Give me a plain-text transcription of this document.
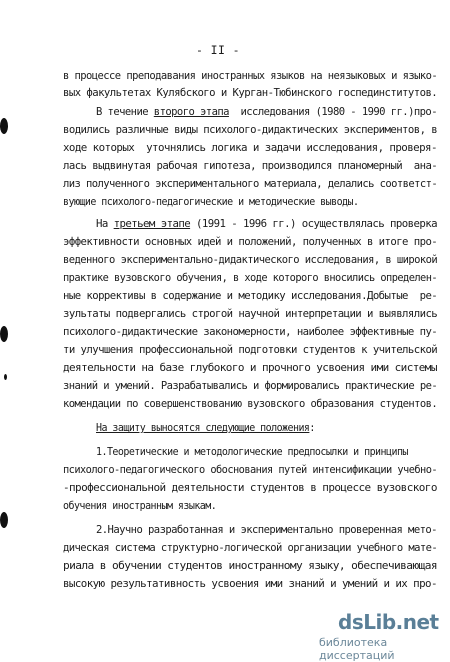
- II -
в процессе преподавания иностранных языков на неязыковых и языко-
вых факультетах Кулябского и Курган-Тюбинского госпединститутов.
В течение второго этапа  исследования (1980 - 1990 гг.)про-
водились различные виды психолого-дидактических экспериментов, в
ходе которых  уточнялись логика и задачи исследования, проверя-
лась выдвинутая рабочая гипотеза, производился планомерный  ана-
лиз полученного экспериментального материала, делались соответст-
вующие психолого-педагогические и методические выводы.
На третьем этапе (1991 - 1996 гг.) осуществлялась проверка
эффективности основных идей и положений, полученных в итоге про-
веденного экспериментально-дидактического исследования, в широкой
практике вузовского обучения, в ходе которого вносились определен-
ные коррективы в содержание и методику исследования.Добытые  ре-
зультаты подвергались строгой научной интерпретации и выявлялись
психолого-дидактические закономерности, наиболее эффективные пу-
ти улучшения профессиональной подготовки студентов к учительской
деятельности на базе глубокого и прочного усвоения ими системы
знаний и умений. Разрабатывались и формировались практические ре-
комендации по совершенствованию вузовского образования студентов.
На защиту выносятся следующие положения:
1.Теоретические и методологические предпосылки и принципы
психолого-педагогического обоснования путей интенсификации учебно-
-профессиональной деятельности студентов в процессе вузовского
обучения иностранным языкам.
2.Научно разработанная и экспериментально проверенная мето-
дическая система структурно-логической организации учебного мате-
риала в обучении студентов иностранному языку, обеспечивающая
высокую результативность усвоения ими знаний и умений и их про-
dsLib.net
библиотека диссертаций
